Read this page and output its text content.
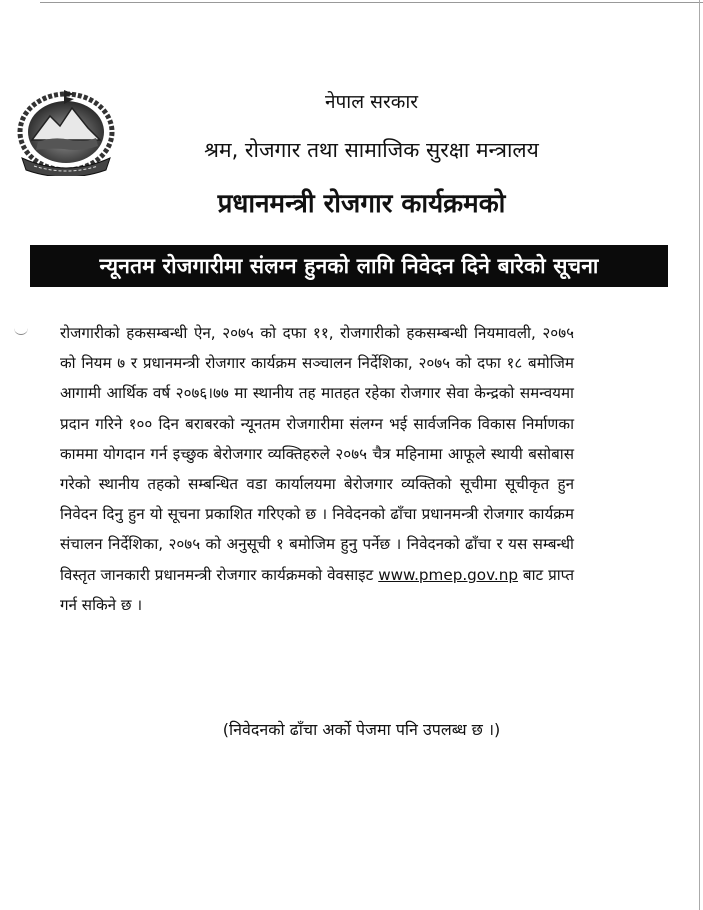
नेपाल सरकार
श्रम, रोजगार तथा सामाजिक सुरक्षा मन्त्रालय
प्रधानमन्त्री रोजगार कार्यक्रमको
न्यूनतम रोजगारीमा संलग्न हुनको लागि निवेदन दिने बारेको सूचना
रोजगारीको हकसम्बन्धी ऐन, २०७५ को दफा ११, रोजगारीको हकसम्बन्धी नियमावली, २०७५ को नियम ७ र प्रधानमन्त्री रोजगार कार्यक्रम सञ्चालन निर्देशिका, २०७५ को दफा १८ बमोजिम आगामी आर्थिक वर्ष २०७६।७७ मा स्थानीय तह मातहत रहेका रोजगार सेवा केन्द्रको समन्वयमा प्रदान गरिने १०० दिन बराबरको न्यूनतम रोजगारीमा संलग्न भई सार्वजनिक विकास निर्माणका काममा योगदान गर्न इच्छुक बेरोजगार व्यक्तिहरुले २०७५ चैत्र महिनामा आफूले स्थायी बसोबास गरेको स्थानीय तहको सम्बन्धित वडा कार्यालयमा बेरोजगार व्यक्तिको सूचीमा सूचीकृत हुन निवेदन दिनु हुन यो सूचना प्रकाशित गरिएको छ । निवेदनको ढाँचा प्रधानमन्त्री रोजगार कार्यक्रम संचालन निर्देशिका, २०७५ को अनुसूची १ बमोजिम हुनु पर्नेछ । निवेदनको ढाँचा र यस सम्बन्धी विस्तृत जानकारी प्रधानमन्त्री रोजगार कार्यक्रमको वेवसाइट www.pmep.gov.np बाट प्राप्त गर्न सकिने छ ।
(निवेदनको ढाँचा अर्को पेजमा पनि उपलब्ध छ ।)
